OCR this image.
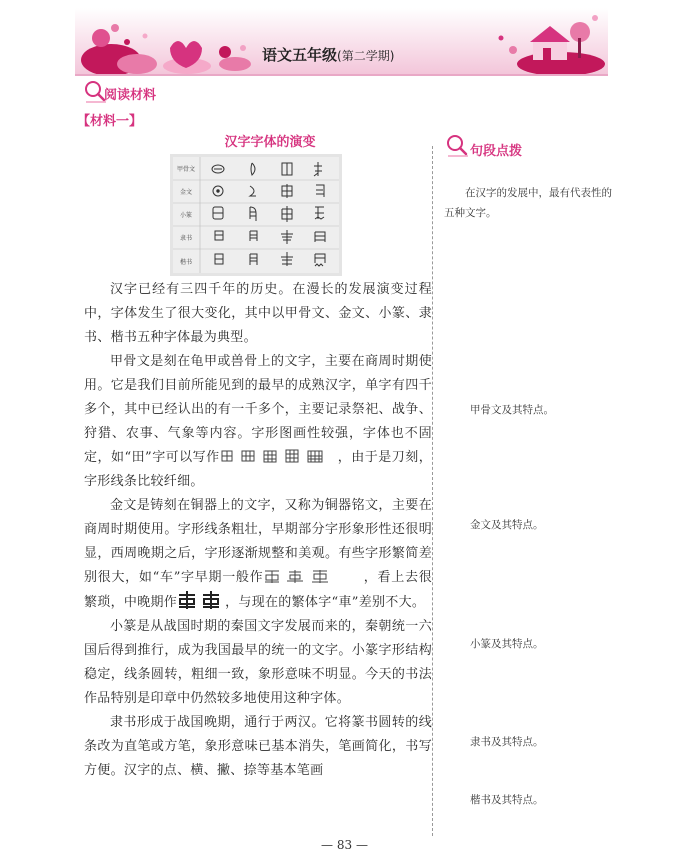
语文五年级(第二学期)
阅读材料
【材料一】
汉字字体的演变
句段点拨
甲骨文
金文
小篆
隶书
楷书

汉字已经有三四千年的历史。在漫长的发展演变过程中，字体发生了很大变化，其中以甲骨文、金文、小篆、隶书、楷书五种字体最为典型。

甲骨文是刻在龟甲或兽骨上的文字，主要在商周时期使用。它是我们目前所能见到的最早的成熟汉字，单字有四千多个，其中已经认出的有一千多个，主要记录祭祀、战争、狩猎、农事、气象等内容。字形图画性较强，字体也不固定，如“田”字可以写作	，由于是刀刻，字形线条比较纤细。

金文是铸刻在铜器上的文字，又称为铜器铭文，主要在商周时期使用。字形线条粗壮，早期部分字形象形性还很明显，西周晚期之后，字形逐渐规整和美观。有些字形繁简差别很大，如“车”字早期一般作	，看上去很繁琐，中晚期作	，与现在的繁体字“車”差别不大。

小篆是从战国时期的秦国文字发展而来的，秦朝统一六国后得到推行，成为我国最早的统一的文字。小篆字形结构稳定，线条圆转，粗细一致，象形意味不明显。今天的书法作品特别是印章中仍然较多地使用这种字体。

隶书形成于战国晚期，通行于两汉。它将篆书圆转的线条改为直笔或方笔，象形意味已基本消失，笔画简化，书写方便。汉字的点、横、撇、捺等基本笔画

在汉字的发展中，最有代表性的五种文字。
甲骨文及其特点。
金文及其特点。
小篆及其特点。
隶书及其特点。
楷书及其特点。
— 83 —
